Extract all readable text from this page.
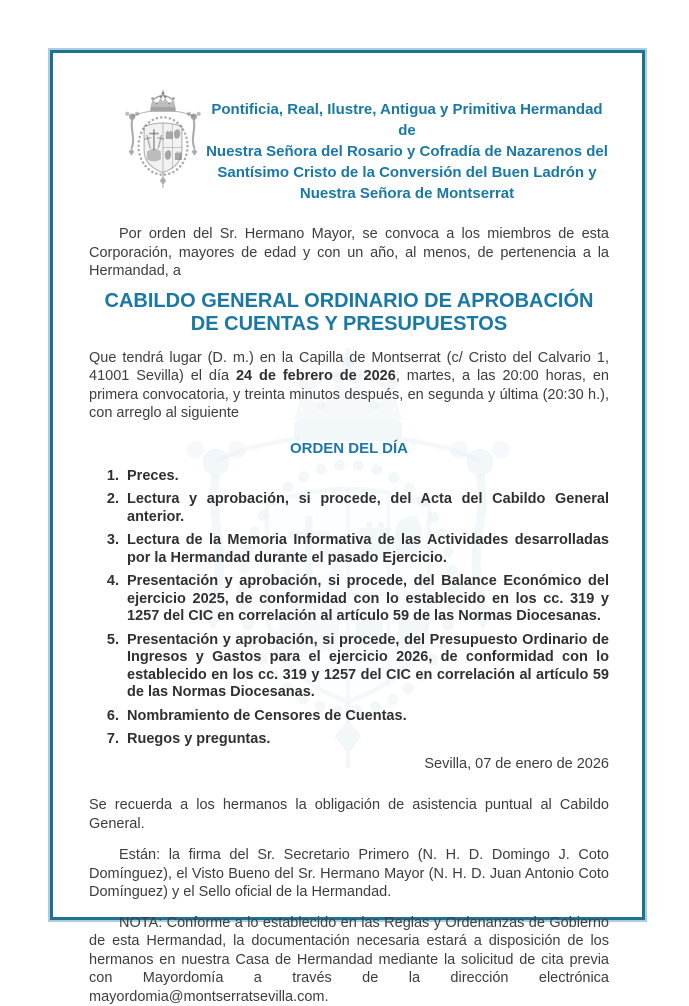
Pontificia, Real, Ilustre, Antigua y Primitiva Hermandad de
Nuestra Señora del Rosario y Cofradía de Nazarenos del
Santísimo Cristo de la Conversión del Buen Ladrón y
Nuestra Señora de Montserrat

Por orden del Sr. Hermano Mayor, se convoca a los miembros de esta Corporación, mayores de edad y con un año, al menos, de pertenencia a la Hermandad, a

CABILDO GENERAL ORDINARIO DE APROBACIÓN
DE CUENTAS Y PRESUPUESTOS

Que tendrá lugar (D. m.) en la Capilla de Montserrat (c/ Cristo del Calvario 1, 41001 Sevilla) el día 24 de febrero de 2026, martes, a las 20:00 horas, en primera convocatoria, y treinta minutos después, en segunda y última (20:30 h.), con arreglo al siguiente

ORDEN DEL DÍA
1. Preces.
2. Lectura y aprobación, si procede, del Acta del Cabildo General anterior.
3. Lectura de la Memoria Informativa de las Actividades desarrolladas por la Hermandad durante el pasado Ejercicio.
4. Presentación y aprobación, si procede, del Balance Económico del ejercicio 2025, de conformidad con lo establecido en los cc. 319 y 1257 del CIC en correlación al artículo 59 de las Normas Diocesanas.
5. Presentación y aprobación, si procede, del Presupuesto Ordinario de Ingresos y Gastos para el ejercicio 2026, de conformidad con lo establecido en los cc. 319 y 1257 del CIC en correlación al artículo 59 de las Normas Diocesanas.
6. Nombramiento de Censores de Cuentas.
7. Ruegos y preguntas.
Sevilla, 07 de enero de 2026

Se recuerda a los hermanos la obligación de asistencia puntual al Cabildo General.

Están: la firma del Sr. Secretario Primero (N. H. D. Domingo J. Coto Domínguez), el Visto Bueno del Sr. Hermano Mayor (N. H. D. Juan Antonio Coto Domínguez) y el Sello oficial de la Hermandad.

NOTA: Conforme a lo establecido en las Reglas y Ordenanzas de Gobierno de esta Hermandad, la documentación necesaria estará a disposición de los hermanos en nuestra Casa de Hermandad mediante la solicitud de cita previa con Mayordomía a través de la dirección electrónica mayordomia@montserratsevilla.com.
